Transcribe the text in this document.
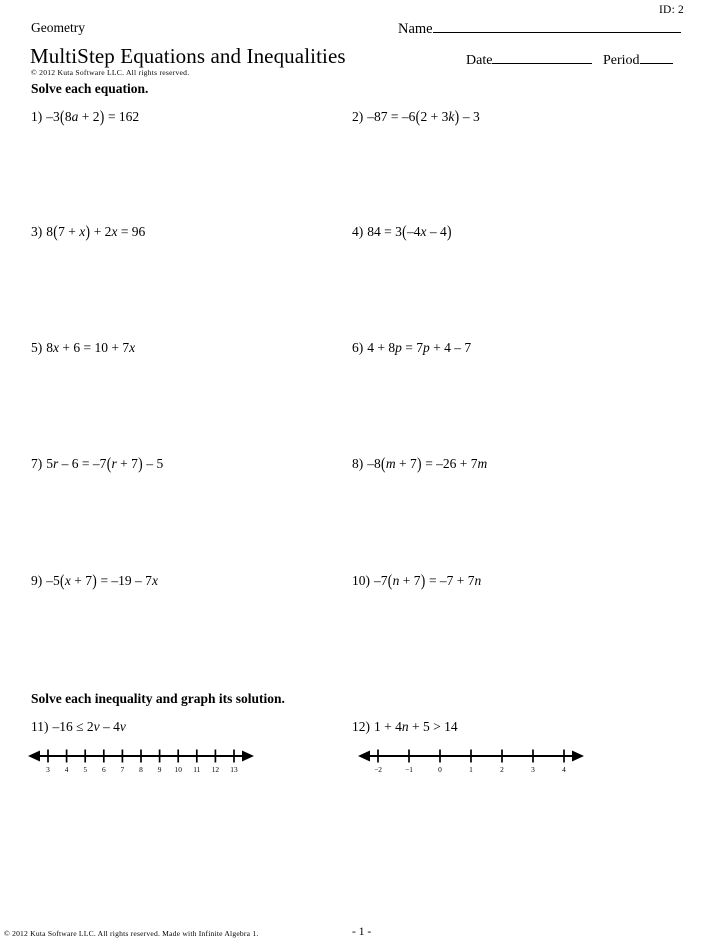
ID: 2
Geometry	Name
Date	Period
MultiStep Equations and Inequalities
© 2012 Kuta Software LLC. All rights reserved.
Solve each equation.
1) –3(8a + 2) = 162	2) –87 = –6(2 + 3k) – 3
3) 8(7 + x) + 2x = 96	4) 84 = 3(–4x – 4)
5) 8x + 6 = 10 + 7x	6) 4 + 8p = 7p + 4 – 7
7) 5r – 6 = –7(r + 7) – 5	8) –8(m + 7) = –26 + 7m
9) –5(x + 7) = –19 – 7x	10) –7(n + 7) = –7 + 7n
Solve each inequality and graph its solution.
11) –16 ≤ 2v – 4v	12) 1 + 4n + 5 > 14
3 4 5 6 7 8 9 10 11 12 13	−2	−1	0	1	2	3	4
© 2012 Kuta Software LLC. All rights reserved. Made with Infinite Algebra 1.	- 1 -
